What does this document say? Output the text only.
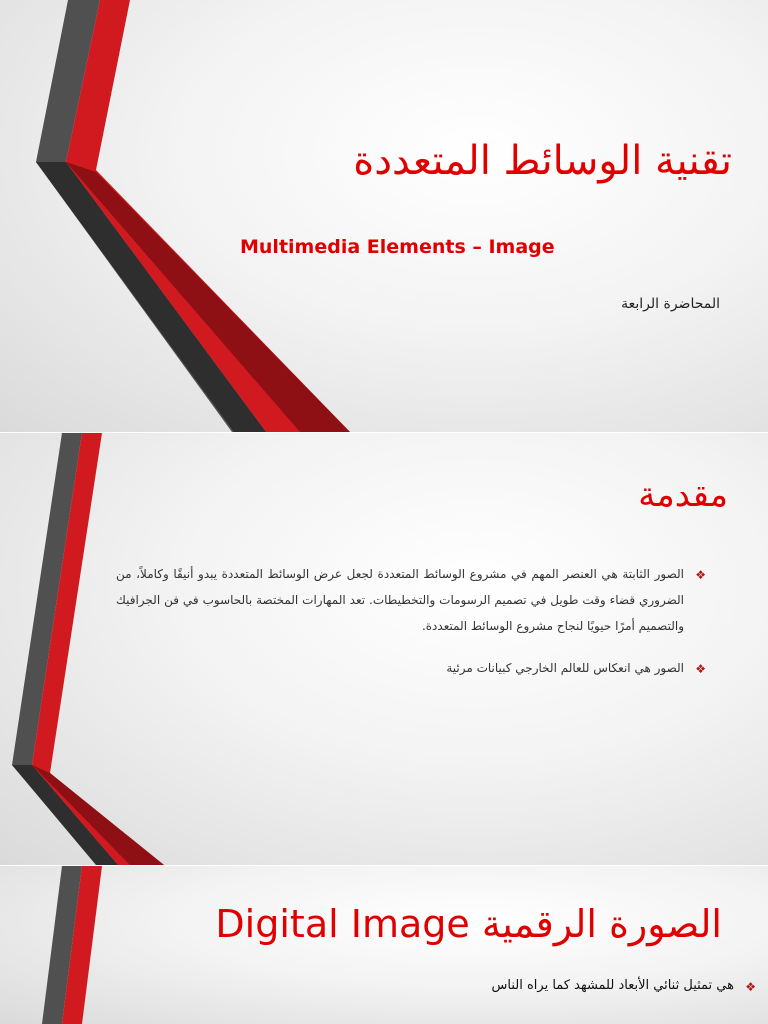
تقنية الوسائط المتعددة

Multimedia Elements – Image

المحاضرة الرابعة

مقدمة
❖
الصور الثابتة هي العنصر المهم في مشروع الوسائط المتعددة لجعل عرض الوسائط المتعددة يبدو أنيقًا وكاملاً، من الضروري قضاء وقت طويل في تصميم الرسومات والتخطيطات. تعد المهارات المختصة بالحاسوب في فن الجرافيك والتصميم أمرًا حيويًا لنجاح مشروع الوسائط المتعددة.
❖
الصور هي انعكاس للعالم الخارجي كبيانات مرئية
Digital Image الصورة الرقمية

❖
هي تمثيل ثنائي الأبعاد للمشهد كما يراه الناس
